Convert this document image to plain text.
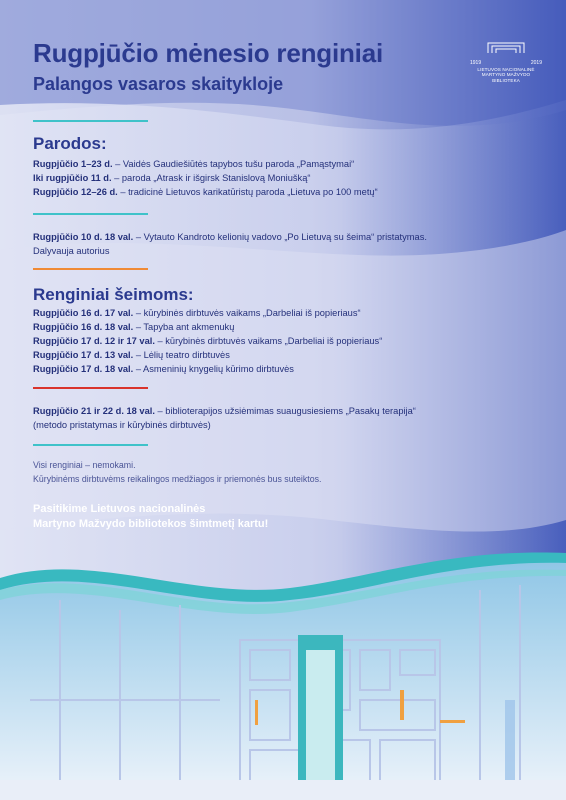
Rugpjūčio mėnesio renginiai
Palangos vasaros skaitykloje
1919	2019
LIETUVOS NACIONALINĖ
MARTYNO MAŽVYDO
BIBLIOTEKA
Parodos:
Rugpjūčio 1–23 d. – Vaidės Gaudiešiūtės tapybos tušu paroda „Pamąstymai“
Iki rugpjūčio 11 d. – paroda „Atrask ir išgirsk Stanislovą Moniušką“
Rugpjūčio 12–26 d. – tradicinė Lietuvos karikatūristų paroda „Lietuva po 100 metų“
Rugpjūčio 10 d. 18 val. – Vytauto Kandroto kelionių vadovo „Po Lietuvą su šeima“ pristatymas.
Dalyvauja autorius
Renginiai šeimoms:
Rugpjūčio 16 d. 17 val. – kūrybinės dirbtuvės vaikams „Darbeliai iš popieriaus“
Rugpjūčio 16 d. 18 val. – Tapyba ant akmenukų
Rugpjūčio 17 d. 12 ir 17 val. – kūrybinės dirbtuvės vaikams „Darbeliai iš popieriaus“
Rugpjūčio 17 d. 13 val. – Lėlių teatro dirbtuvės
Rugpjūčio 17 d. 18 val. – Asmeninių knygelių kūrimo dirbtuvės
Rugpjūčio 21 ir 22 d. 18 val. – biblioterapijos užsiėmimas suaugusiesiems „Pasakų terapija“
(metodo pristatymas ir kūrybinės dirbtuvės)
Visi renginiai – nemokami.
Kūrybinėms dirbtuvėms reikalingos medžiagos ir priemonės bus suteiktos.
Pasitikime Lietuvos nacionalinės
Martyno Mažvydo bibliotekos šimtmetį kartu!
